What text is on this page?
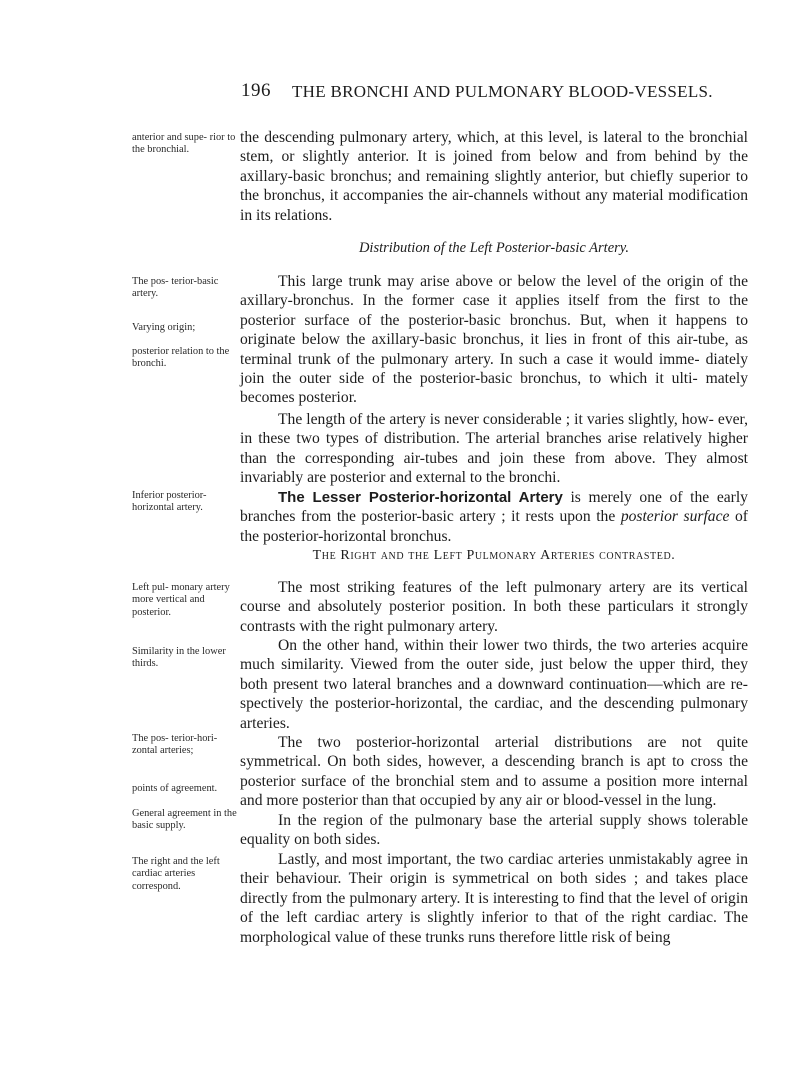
196 THE BRONCHI AND PULMONARY BLOOD-VESSELS.
anterior and supe- rior to the bronchial.

the descending pulmonary artery, which, at this level, is lateral to the bronchial stem, or slightly anterior. It is joined from below and from behind by the axillary-basic bronchus; and remaining slightly anterior, but chiefly superior to the bronchus, it accompanies the air-channels without any material modification in its relations.

Distribution of the Left Posterior-basic Artery.
The pos- terior-basic artery.
Varying origin;
posterior relation to the bronchi.

This large trunk may arise above or below the level of the origin of the axillary-bronchus. In the former case it applies itself from the first to the posterior surface of the posterior-basic bronchus. But, when it happens to originate below the axillary-basic bronchus, it lies in front of this air-tube, as terminal trunk of the pulmonary artery. In such a case it would imme- diately join the outer side of the posterior-basic bronchus, to which it ulti- mately becomes posterior.

The length of the artery is never considerable ; it varies slightly, how- ever, in these two types of distribution. The arterial branches arise relatively higher than the corresponding air-tubes and join these from above. They almost invariably are posterior and external to the bronchi.

Inferior posterior- horizontal artery.

The Lesser Posterior-horizontal Artery is merely one of the early branches from the posterior-basic artery ; it rests upon the posterior surface of the posterior-horizontal bronchus.

The Right and the Left Pulmonary Arteries contrasted.
Left pul- monary artery more vertical and posterior.

The most striking features of the left pulmonary artery are its vertical course and absolutely posterior position. In both these particulars it strongly contrasts with the right pulmonary artery.

Similarity in the lower thirds.

On the other hand, within their lower two thirds, the two arteries acquire much similarity. Viewed from the outer side, just below the upper third, they both present two lateral branches and a downward continuation—which are re- spectively the posterior-horizontal, the cardiac, and the descending pulmonary arteries.

The pos- terior-hori- zontal arteries;
points of agreement.

The two posterior-horizontal arterial distributions are not quite symmetrical. On both sides, however, a descending branch is apt to cross the posterior surface of the bronchial stem and to assume a position more internal and more posterior than that occupied by any air or blood-vessel in the lung.

General agreement in the basic supply.	In the region of the pulmonary base the arterial supply shows tolerable equality on both sides.

The right and the left cardiac arteries correspond.

Lastly, and most important, the two cardiac arteries unmistakably agree in their behaviour. Their origin is symmetrical on both sides ; and takes place directly from the pulmonary artery. It is interesting to find that the level of origin of the left cardiac artery is slightly inferior to that of the right cardiac. The morphological value of these trunks runs therefore little risk of being
